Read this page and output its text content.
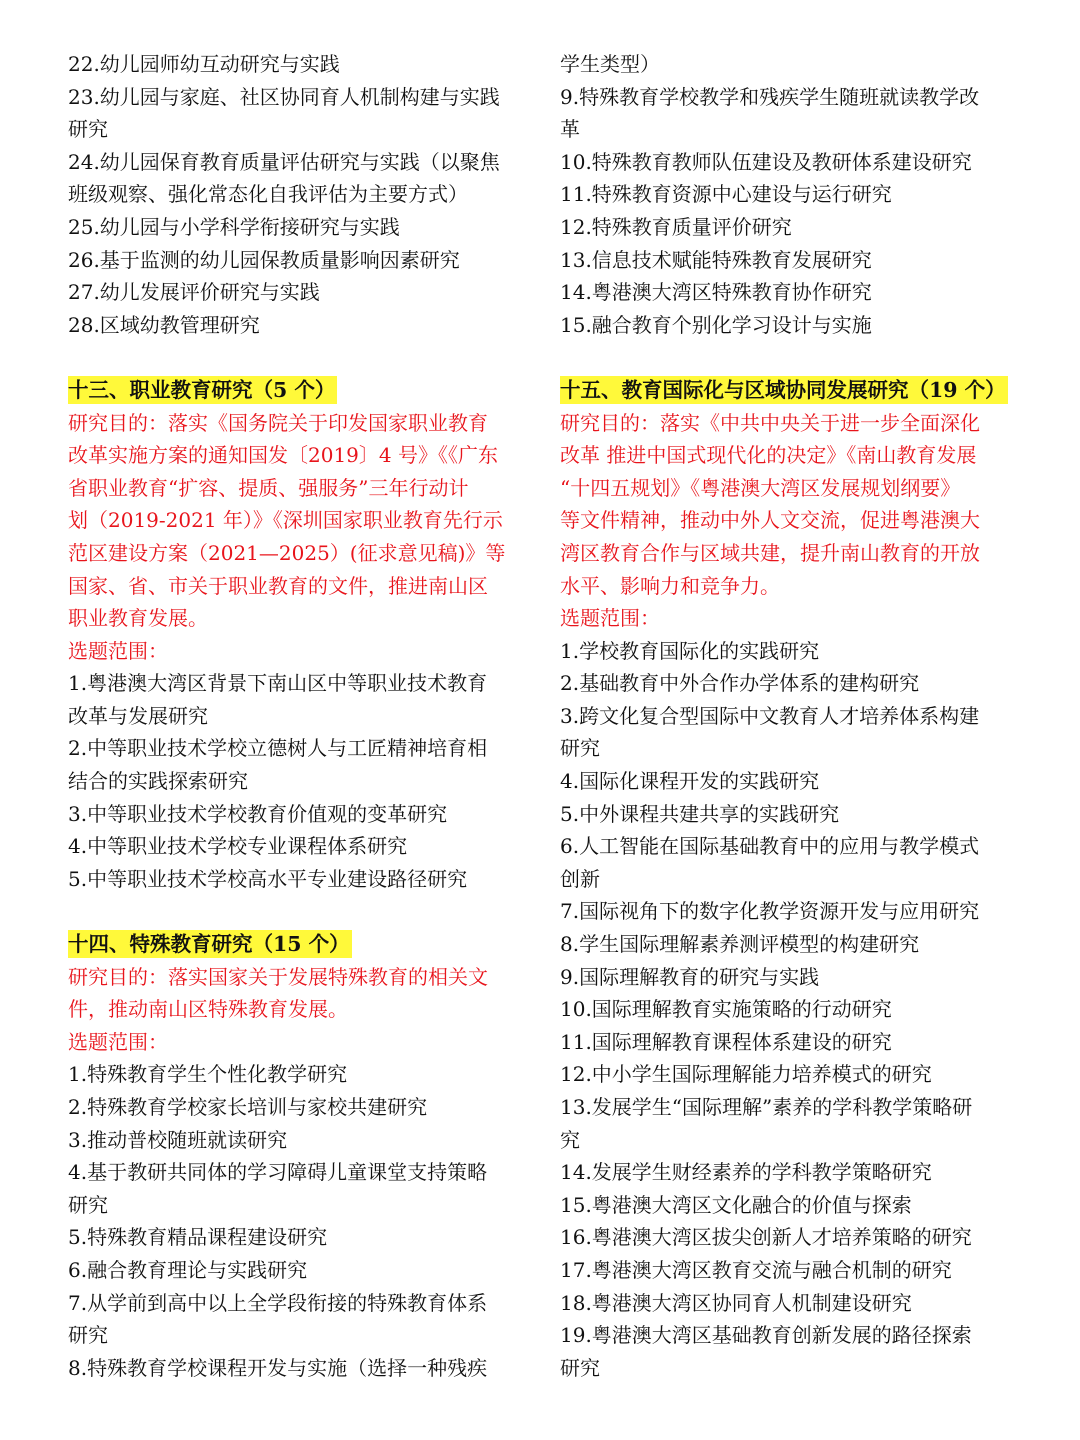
22.幼儿园师幼互动研究与实践
23.幼儿园与家庭、社区协同育人机制构建与实践
研究
24.幼儿园保育教育质量评估研究与实践（以聚焦
班级观察、强化常态化自我评估为主要方式）
25.幼儿园与小学科学衔接研究与实践
26.基于监测的幼儿园保教质量影响因素研究
27.幼儿发展评价研究与实践
28.区域幼教管理研究
十三、职业教育研究（5 个）
研究目的：落实《国务院关于印发国家职业教育
改革实施方案的通知国发〔2019〕4 号》《《广东
省职业教育“扩容、提质、强服务”三年行动计
划（2019-2021 年）》《深圳国家职业教育先行示
范区建设方案（2021—2025）(征求意见稿)》等
国家、省、市关于职业教育的文件，推进南山区
职业教育发展。
选题范围：
1.粤港澳大湾区背景下南山区中等职业技术教育
改革与发展研究
2.中等职业技术学校立德树人与工匠精神培育相
结合的实践探索研究
3.中等职业技术学校教育价值观的变革研究
4.中等职业技术学校专业课程体系研究
5.中等职业技术学校高水平专业建设路径研究
十四、特殊教育研究（15 个）
研究目的：落实国家关于发展特殊教育的相关文
件，推动南山区特殊教育发展。
选题范围：
1.特殊教育学生个性化教学研究
2.特殊教育学校家长培训与家校共建研究
3.推动普校随班就读研究
4.基于教研共同体的学习障碍儿童课堂支持策略
研究
5.特殊教育精品课程建设研究
6.融合教育理论与实践研究
7.从学前到高中以上全学段衔接的特殊教育体系
研究
8.特殊教育学校课程开发与实施（选择一种残疾
学生类型）
9.特殊教育学校教学和残疾学生随班就读教学改
革
10.特殊教育教师队伍建设及教研体系建设研究
11.特殊教育资源中心建设与运行研究
12.特殊教育质量评价研究
13.信息技术赋能特殊教育发展研究
14.粤港澳大湾区特殊教育协作研究
15.融合教育个别化学习设计与实施
十五、教育国际化与区域协同发展研究（19 个）
研究目的：落实《中共中央关于进一步全面深化
改革 推进中国式现代化的决定》《南山教育发展
“十四五规划》《粤港澳大湾区发展规划纲要》
等文件精神，推动中外人文交流，促进粤港澳大
湾区教育合作与区域共建，提升南山教育的开放
水平、影响力和竞争力。
选题范围：
1.学校教育国际化的实践研究
2.基础教育中外合作办学体系的建构研究
3.跨文化复合型国际中文教育人才培养体系构建
研究
4.国际化课程开发的实践研究
5.中外课程共建共享的实践研究
6.人工智能在国际基础教育中的应用与教学模式
创新
7.国际视角下的数字化教学资源开发与应用研究
8.学生国际理解素养测评模型的构建研究
9.国际理解教育的研究与实践
10.国际理解教育实施策略的行动研究
11.国际理解教育课程体系建设的研究
12.中小学生国际理解能力培养模式的研究
13.发展学生“国际理解”素养的学科教学策略研
究
14.发展学生财经素养的学科教学策略研究
15.粤港澳大湾区文化融合的价值与探索
16.粤港澳大湾区拔尖创新人才培养策略的研究
17.粤港澳大湾区教育交流与融合机制的研究
18.粤港澳大湾区协同育人机制建设研究
19.粤港澳大湾区基础教育创新发展的路径探索
研究
